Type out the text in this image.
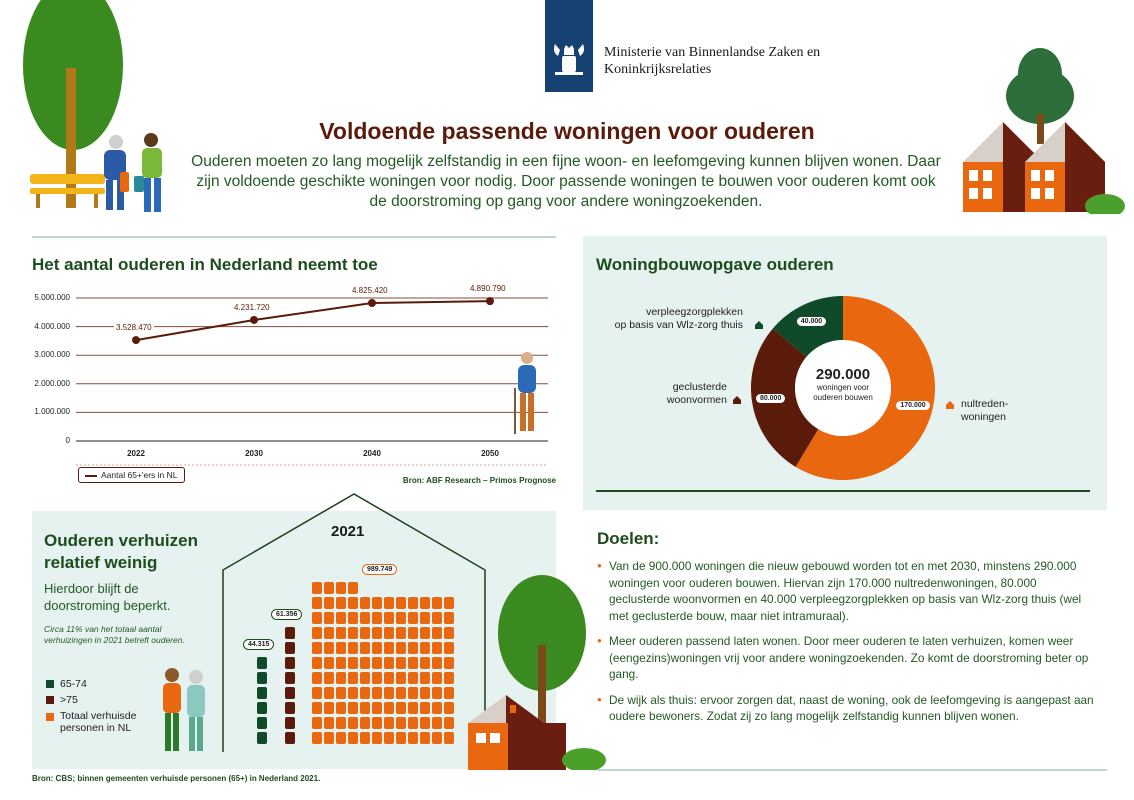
Ministerie van Binnenlandse Zaken en
Koninkrijksrelaties
Voldoende passende woningen voor ouderen
Ouderen moeten zo lang mogelijk zelfstandig in een fijne woon- en leefomgeving kunnen blijven wonen. Daar zijn voldoende geschikte woningen voor nodig. Door passende woningen te bouwen voor ouderen komt ook de doorstroming op gang voor andere woningzoekenden.
Het aantal ouderen in Nederland neemt toe
Aantal 65+'ers in NL
Bron: ABF Research – Primos Prognose
5.000.000
4.000.000
3.000.000
2.000.000
1.000.000
0
2022	2030	2040	2050
3.528.470
4.231.720
4.825.420	4.890.790
Woningbouwopgave ouderen
290.000
woningen voor
ouderen bouwen
170.000
80.000
40.000
verpleegzorgplekken
op basis van Wlz-zorg thuis
geclusterde
woonvormen	nultreden-
woningen
Ouderen verhuizen
relatief weinig
Hierdoor blijft de
doorstroming beperkt.
Circa 11% van het totaal aantal
verhuizingen in 2021 betreft ouderen.
65-74
>75
Totaal verhuisde
personen in NL
2021
44.315
61.356
989.749
Bron: CBS; binnen gemeenten verhuisde personen (65+) in Nederland 2021.
Doelen:
● Van de 900.000 woningen die nieuw gebouwd worden tot en met 2030, minstens 290.000 woningen voor ouderen bouwen. Hiervan zijn 170.000 nultredenwoningen, 80.000 geclusterde woonvormen en 40.000 verpleegzorgplekken op basis van Wlz-zorg thuis (wel met geclusterde bouw, maar niet intramuraal).
● Meer ouderen passend laten wonen. Door meer ouderen te laten verhuizen, komen weer (eengezins)woningen vrij voor andere woningzoekenden. Zo komt de doorstroming beter op gang.
● De wijk als thuis: ervoor zorgen dat, naast de woning, ook de leefomgeving is aangepast aan oudere bewoners. Zodat zij zo lang mogelijk zelfstandig kunnen blijven wonen.
